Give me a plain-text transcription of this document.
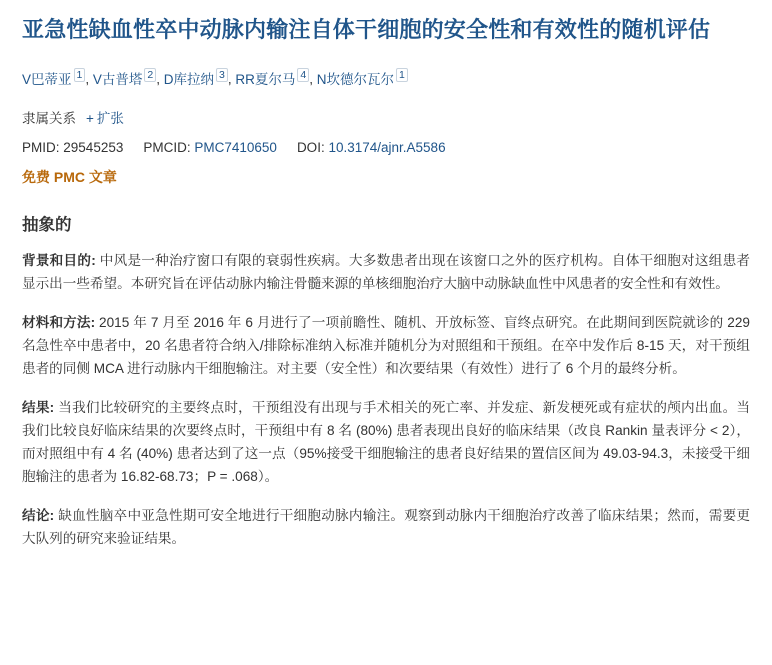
亚急性缺血性卒中动脉内输注自体干细胞的安全性和有效性的随机评估
V巴蒂亚 $^1$ , V古普塔 $^2$ , D库拉纳 $^3$ , RR夏尔马 $^4$ , N坎德尔瓦尔 $^1$
隶属关系 + 扩张
PMID: 29545253 PMCID: PMC7410650 DOI: 10.3174/ajnr.A5586
免费 PMC 文章
抽象的

背景和目的: 中风是一种治疗窗口有限的衰弱性疾病。大多数患者出现在该窗口之外的医疗机构。自体干细胞对这组患者显示出一些希望。本研究旨在评估动脉内输注骨髓来源的单核细胞治疗大脑中动脉缺血性中风患者的安全性和有效性。

材料和方法: 2015 年 7 月至 2016 年 6 月进行了一项前瞻性、随机、开放标签、盲终点研究。在此期间到医院就诊的 229 名急性卒中患者中，20 名患者符合纳入/排除标准纳入标准并随机分为对照组和干预组。在卒中发作后 8-15 天，对干预组患者的同侧 MCA 进行动脉内干细胞输注。对主要（安全性）和次要结果（有效性）进行了 6 个月的最终分析。

结果: 当我们比较研究的主要终点时，干预组没有出现与手术相关的死亡率、并发症、新发梗死或有症状的颅内出血。当我们比较良好临床结果的次要终点时，干预组中有 8 名 (80%) 患者表现出良好的临床结果（改良 Rankin 量表评分 < 2），而对照组中有 4 名 (40%) 患者达到了这一点（95%接受干细胞输注的患者良好结果的置信区间为 49.03-94.3，未接受干细胞输注的患者为 16.82-68.73；P = .068）。

结论: 缺血性脑卒中亚急性期可安全地进行干细胞动脉内输注。观察到动脉内干细胞治疗改善了临床结果；然而，需要更大队列的研究来验证结果。
